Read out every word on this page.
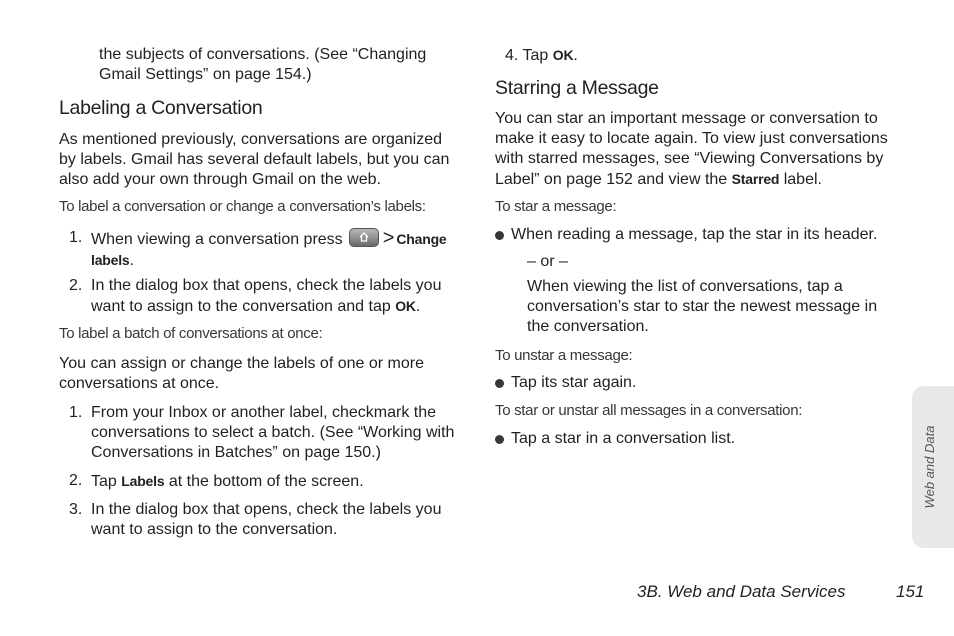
the subjects of conversations. (See “Changing
Gmail Settings” on page 154.)
Labeling a Conversation
As mentioned previously, conversations are organized
by labels. Gmail has several default labels, but you can
also add your own through Gmail on the web.
To label a conversation or change a conversation’s labels:
1. When viewing a conversation press > Change
labels.
2. In the dialog box that opens, check the labels you
want to assign to the conversation and tap OK.
To label a batch of conversations at once:
You can assign or change the labels of one or more
conversations at once.
1. From your Inbox or another label, checkmark the
conversations to select a batch. (See “Working with
Conversations in Batches” on page 150.)
2. Tap Labels at the bottom of the screen.
3. In the dialog box that opens, check the labels you
want to assign to the conversation.
4. Tap OK.
Starring a Message
You can star an important message or conversation to
make it easy to locate again. To view just conversations
with starred messages, see “Viewing Conversations by
Label” on page 152 and view the Starred label.
To star a message:
When reading a message, tap the star in its header.
– or –
When viewing the list of conversations, tap a
conversation’s star to star the newest message in
the conversation.
To unstar a message:
Tap its star again.
To star or unstar all messages in a conversation:
Tap a star in a conversation list.	Web and Data
3B. Web and Data Services	151
